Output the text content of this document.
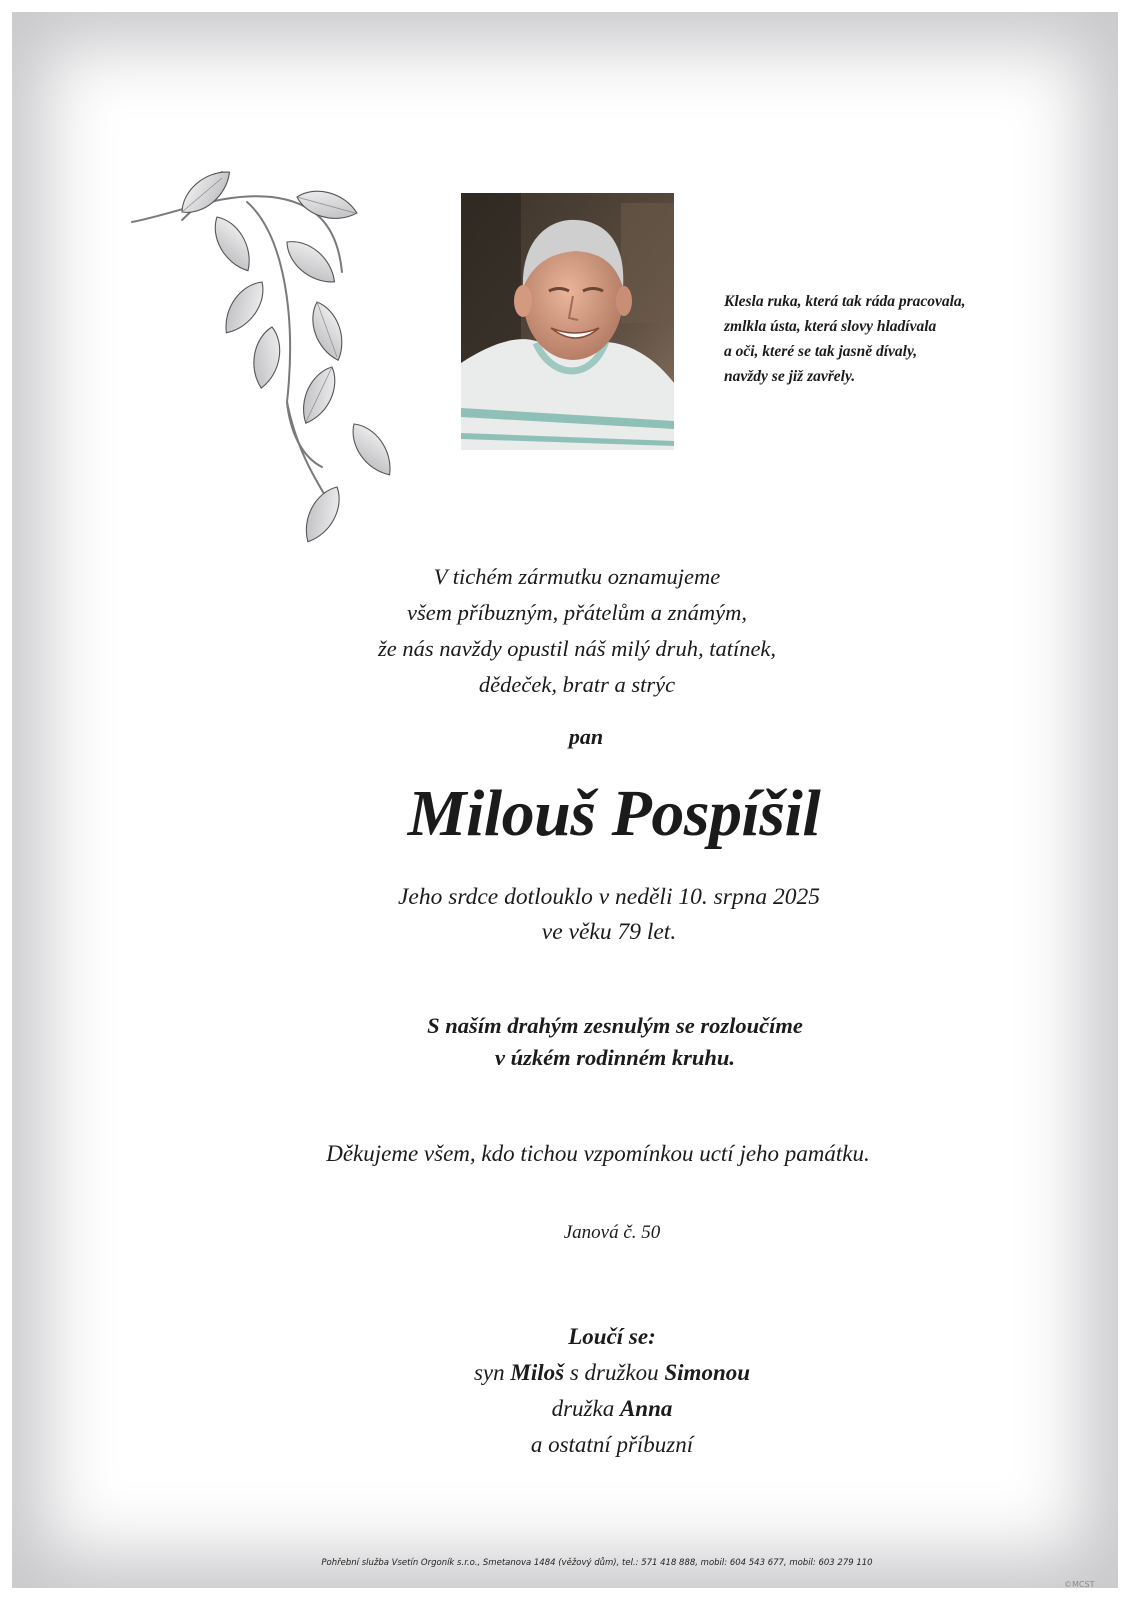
Klesla ruka, která tak ráda pracovala,
zmlkla ústa, která slovy hladívala
a oči, které se tak jasně dívaly,
navždy se již zavřely.
V tichém zármutku oznamujeme
všem příbuzným, přátelům a známým,
že nás navždy opustil náš milý druh, tatínek,
dědeček, bratr a strýc
pan
Milouš Pospíšil
Jeho srdce dotlouklo v neděli 10. srpna 2025
ve věku 79 let.
S naším drahým zesnulým se rozloučíme
v úzkém rodinném kruhu.
Děkujeme všem, kdo tichou vzpomínkou uctí jeho památku.
Janová č. 50
Loučí se:
syn Miloš s družkou Simonou
družka Anna
a ostatní příbuzní
Pohřební služba Vsetín Orgoník s.r.o., Smetanova 1484 (věžový dům), tel.: 571 418 888, mobil: 604 543 677, mobil: 603 279 110
©MCST
